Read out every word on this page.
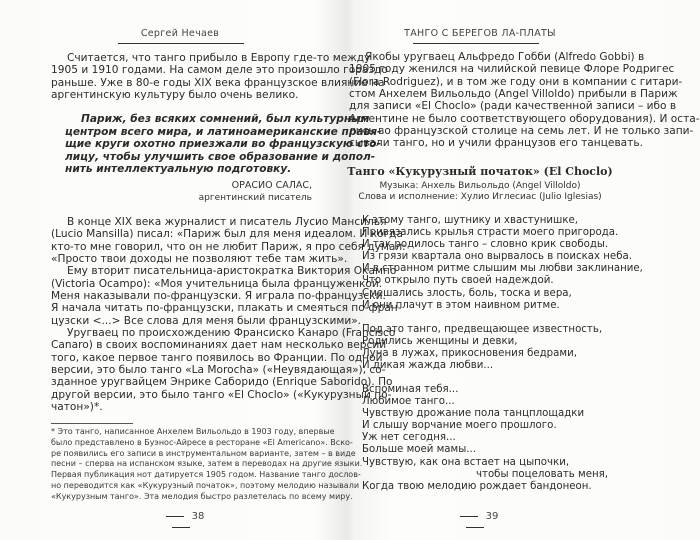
Сергей Нечаев
Считается, что танго прибыло в Европу где-то между
1905 и 1910 годами. На самом деле это произошло гораздо
раньше. Уже в 80-е годы XIX века французское влияние на
аргентинскую культуру было очень велико.
Париж, без всяких сомнений, был культурным
центром всего мира, и латиноамериканские правя-
щие круги охотно приезжали во французскую сто-
лицу, чтобы улучшить свое образование и допол-
нить интеллектуальную подготовку.
ОРАСИО САЛАС,
аргентинский писатель
В конце XIX века журналист и писатель Лусио Мансилья
(Lucio Mansilla) писал: «Париж был для меня идеалом. И когда
кто-то мне говорил, что он не любит Париж, я про себя думал:
«Просто твои доходы не позволяют тебе там жить».
Ему вторит писательница-аристократка Виктория Окампо
(Victoria Ocampo): «Моя учительница была француженкой.
Меня наказывали по-французски. Я играла по-французски.
Я начала читать по-французски, плакать и смеяться по-фран-
цузски <...> Все слова для меня были французскими».
Уругваец по происхождению Франсиско Канаро (Francisco
Canaro) в своих воспоминаниях дает нам несколько версий
того, какое первое танго появилось во Франции. По одной
версии, это было танго «La Morocha» («Неувядающая»), со-
зданное уругвайцем Энрике Саборидо (Enrique Saborido). По
другой версии, это было танго «El Choclo» («Кукурузный по-
чатон»)*.
* Это танго, написанное Анхелем Вильольдо в 1903 году, впервые
было представлено в Буэнос-Айресе в ресторане «El Americano». Вско-
ре появились его записи в инструментальном варианте, затем – в виде
песни – сперва на испанском языке, затем в переводах на другие языки.
Первая публикация нот датируется 1905 годом. Название танго дослов-
но переводится как «Кукурузный початок», поэтому мелодию называли
«Кукурузным танго». Эта мелодия быстро разлетелась по всему миру.
38
ТАНГО С БЕРЕГОВ ЛА-ПЛАТЫ
Якобы уругваец Альфредо Гобби (Alfredo Gobbi) в
1905 году женился на чилийской певице Флоре Родригес
(Flora Rodriguez), и в том же году они в компании с гитари-
стом Анхелем Вильольдо (Angel Villoldo) прибыли в Париж
для записи «El Choclo» (ради качественной записи – ибо в
Аргентине не было соответствующего оборудования). И оста-
лись во французской столице на семь лет. И не только запи-
сывали танго, но и учили французов его танцевать.
Танго «Кукурузный початок» (El Choclo)
Музыка: Анхель Вильольдо (Angel Villoldo)
Слова и исполнение: Хулио Иглесиас (Julio Iglesias)
К этому танго, шутнику и хвастунишке,
Привязались крылья страсти моего пригорода.
И так родилось танго – словно крик свободы.
Из грязи квартала оно вырвалось в поисках неба.
И в странном ритме слышим мы любви заклинание,
Что открыло путь своей надеждой.
Смешались злость, боль, тоска и вера,
И они плачут в этом наивном ритме.
Под это танго, предвещающее известность,
Родились женщины и девки,
Луна в лужах, прикосновения бедрами,
И дикая жажда любви...
Вспоминая тебя...
Любимое танго...
Чувствую дрожание пола танцплощадки
И слышу ворчание моего прошлого.
Уж нет сегодня...
Больше моей мамы...
Чувствую, как она встает на цыпочки,
чтобы поцеловать меня,
Когда твою мелодию рождает бандонеон.
39
